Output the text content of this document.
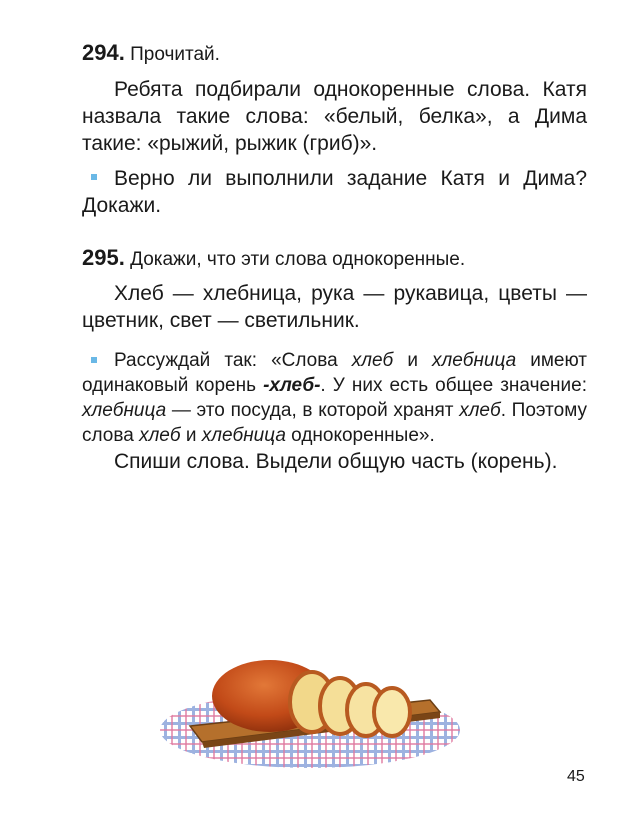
294. Прочитай.

Ребята подбирали однокоренные слова. Катя назвала такие слова: «белый, белка», а Дима такие: «рыжий, рыжик (гриб)».

Верно ли выполнили задание Катя и Дима? Докажи.

295. Докажи, что эти слова однокоренные.

Хлеб — хлебница, рука — рукавица, цветы — цветник, свет — светильник.

Рассуждай так: «Слова хлеб и хлебница имеют одинаковый корень -хлеб-. У них есть общее значение: хлебница — это посуда, в которой хранят хлеб. Поэтому слова хлеб и хлебница однокоренные».

Спиши слова. Выдели общую часть (корень).

45
